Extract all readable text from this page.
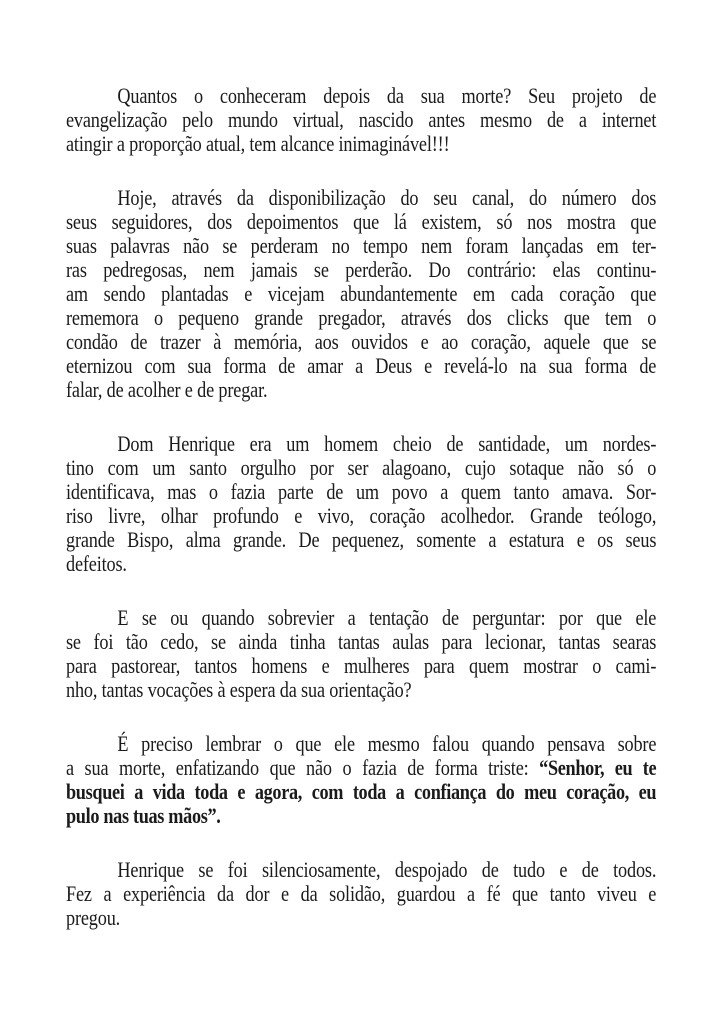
Quantos o conheceram depois da sua morte? Seu projeto de
evangelização pelo mundo virtual, nascido antes mesmo de a internet
atingir a proporção atual, tem alcance inimaginável!!!
Hoje, através da disponibilização do seu canal, do número dos
seus seguidores, dos depoimentos que lá existem, só nos mostra que
suas palavras não se perderam no tempo nem foram lançadas em ter-
ras pedregosas, nem jamais se perderão. Do contrário: elas continu-
am sendo plantadas e vicejam abundantemente em cada coração que
rememora o pequeno grande pregador, através dos clicks que tem o
condão de trazer à memória, aos ouvidos e ao coração, aquele que se
eternizou com sua forma de amar a Deus e revelá-lo na sua forma de
falar, de acolher e de pregar.
Dom Henrique era um homem cheio de santidade, um nordes-
tino com um santo orgulho por ser alagoano, cujo sotaque não só o
identificava, mas o fazia parte de um povo a quem tanto amava. Sor-
riso livre, olhar profundo e vivo, coração acolhedor. Grande teólogo,
grande Bispo, alma grande. De pequenez, somente a estatura e os seus
defeitos.
E se ou quando sobrevier a tentação de perguntar: por que ele
se foi tão cedo, se ainda tinha tantas aulas para lecionar, tantas searas
para pastorear, tantos homens e mulheres para quem mostrar o cami-
nho, tantas vocações à espera da sua orientação?
É preciso lembrar o que ele mesmo falou quando pensava sobre
a sua morte, enfatizando que não o fazia de forma triste: “Senhor, eu te
busquei a vida toda e agora, com toda a confiança do meu coração, eu
pulo nas tuas mãos”.
Henrique se foi silenciosamente, despojado de tudo e de todos.
Fez a experiência da dor e da solidão, guardou a fé que tanto viveu e
pregou.
